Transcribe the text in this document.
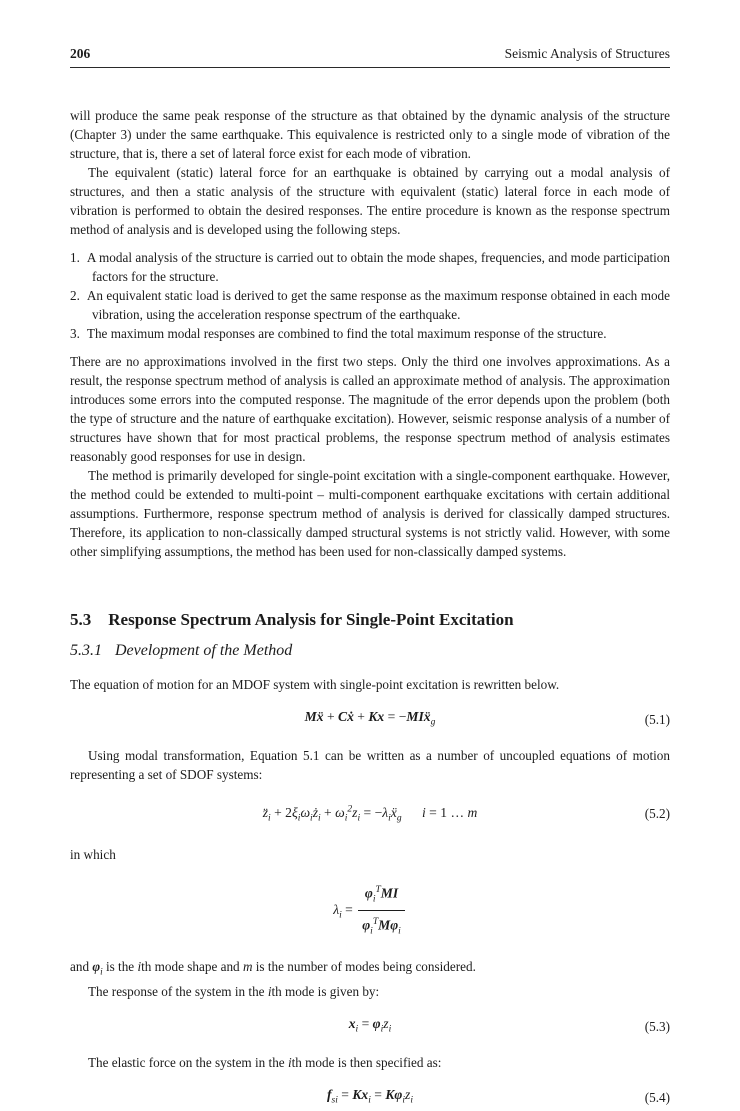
206	Seismic Analysis of Structures

will produce the same peak response of the structure as that obtained by the dynamic analysis of the structure (Chapter 3) under the same earthquake. This equivalence is restricted only to a single mode of vibration of the structure, that is, there a set of lateral force exist for each mode of vibration.

The equivalent (static) lateral force for an earthquake is obtained by carrying out a modal analysis of structures, and then a static analysis of the structure with equivalent (static) lateral force in each mode of vibration is performed to obtain the desired responses. The entire procedure is known as the response spectrum method of analysis and is developed using the following steps.

1. A modal analysis of the structure is carried out to obtain the mode shapes, frequencies, and mode participation factors for the structure.
2. An equivalent static load is derived to get the same response as the maximum response obtained in each mode vibration, using the acceleration response spectrum of the earthquake.
3. The maximum modal responses are combined to find the total maximum response of the structure.

There are no approximations involved in the first two steps. Only the third one involves approximations. As a result, the response spectrum method of analysis is called an approximate method of analysis. The approximation introduces some errors into the computed response. The magnitude of the error depends upon the problem (both the type of structure and the nature of earthquake excitation). However, seismic response analysis of a number of structures have shown that for most practical problems, the response spectrum method of analysis estimates reasonably good responses for use in design.

The method is primarily developed for single-point excitation with a single-component earthquake. However, the method could be extended to multi-point – multi-component earthquake excitations with certain additional assumptions. Furthermore, response spectrum method of analysis is derived for classically damped structures. Therefore, its application to non-classically damped structural systems is not strictly valid. However, with some other simplifying assumptions, the method has been used for non-classically damped systems.

5.3 Response Spectrum Analysis for Single-Point Excitation
5.3.1 Development of the Method

The equation of motion for an MDOF system with single-point excitation is rewritten below.

Mẍ + Cẋ + Kx = −MIẍ$_g$	(5.1)

Using modal transformation, Equation 5.1 can be written as a number of uncoupled equations of motion representing a set of SDOF systems:

$z̈_i$ + $2\xi_i\omega_iż_i + \omega_i^2z_i$ = $-\lambda_iẍ_g$   i = 1 … m	(5.2)

in which

$\lambda_i = \frac{\varphi_i^TMI}{\varphi_i^TM\varphi_i}$

and $\varphi_i$ is the ith mode shape and m is the number of modes being considered.

The response of the system in the ith mode is given by:

$x_i = \varphi_iz_i$	(5.3)

The elastic force on the system in the ith mode is then specified as:

$f_{si} = Kx_i = K\varphi_iz_i$	(5.4)
